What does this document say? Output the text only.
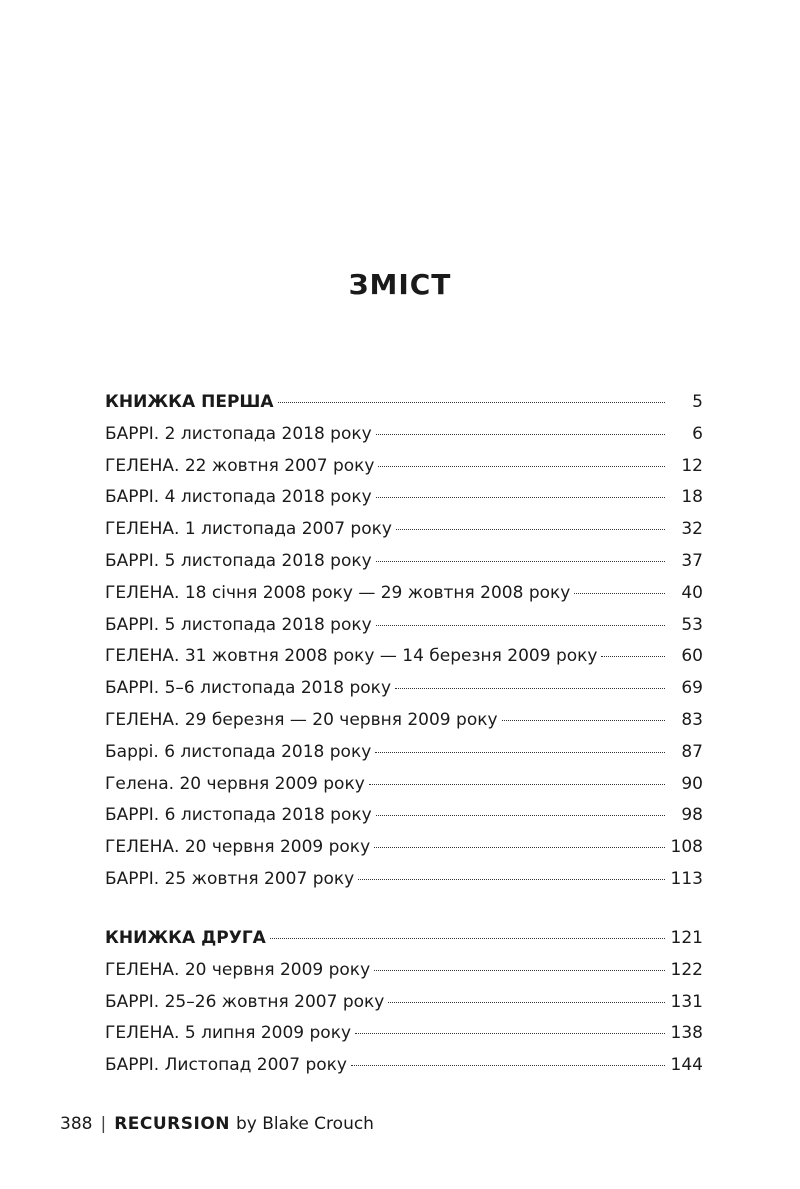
ЗМІСТ
КНИЖКА ПЕРША	5
БАРРІ. 2 листопада 2018 року	6
ГЕЛЕНА. 22 жовтня 2007 року	12
БАРРІ. 4 листопада 2018 року	18
ГЕЛЕНА. 1 листопада 2007 року	32
БАРРІ. 5 листопада 2018 року	37
ГЕЛЕНА. 18 січня 2008 року — 29 жовтня 2008 року	40
БАРРІ. 5 листопада 2018 року	53
ГЕЛЕНА. 31 жовтня 2008 року — 14 березня 2009 року	60
БАРРІ. 5–6 листопада 2018 року	69
ГЕЛЕНА. 29 березня — 20 червня 2009 року	83
Баррі. 6 листопада 2018 року	87
Гелена. 20 червня 2009 року	90
БАРРІ. 6 листопада 2018 року	98
ГЕЛЕНА. 20 червня 2009 року	108
БАРРІ. 25 жовтня 2007 року	113
КНИЖКА ДРУГА	121
ГЕЛЕНА. 20 червня 2009 року	122
БАРРІ. 25–26 жовтня 2007 року	131
ГЕЛЕНА. 5 липня 2009 року	138
БАРРІ. Листопад 2007 року	144
388 | RECURSION by Blake Crouch
